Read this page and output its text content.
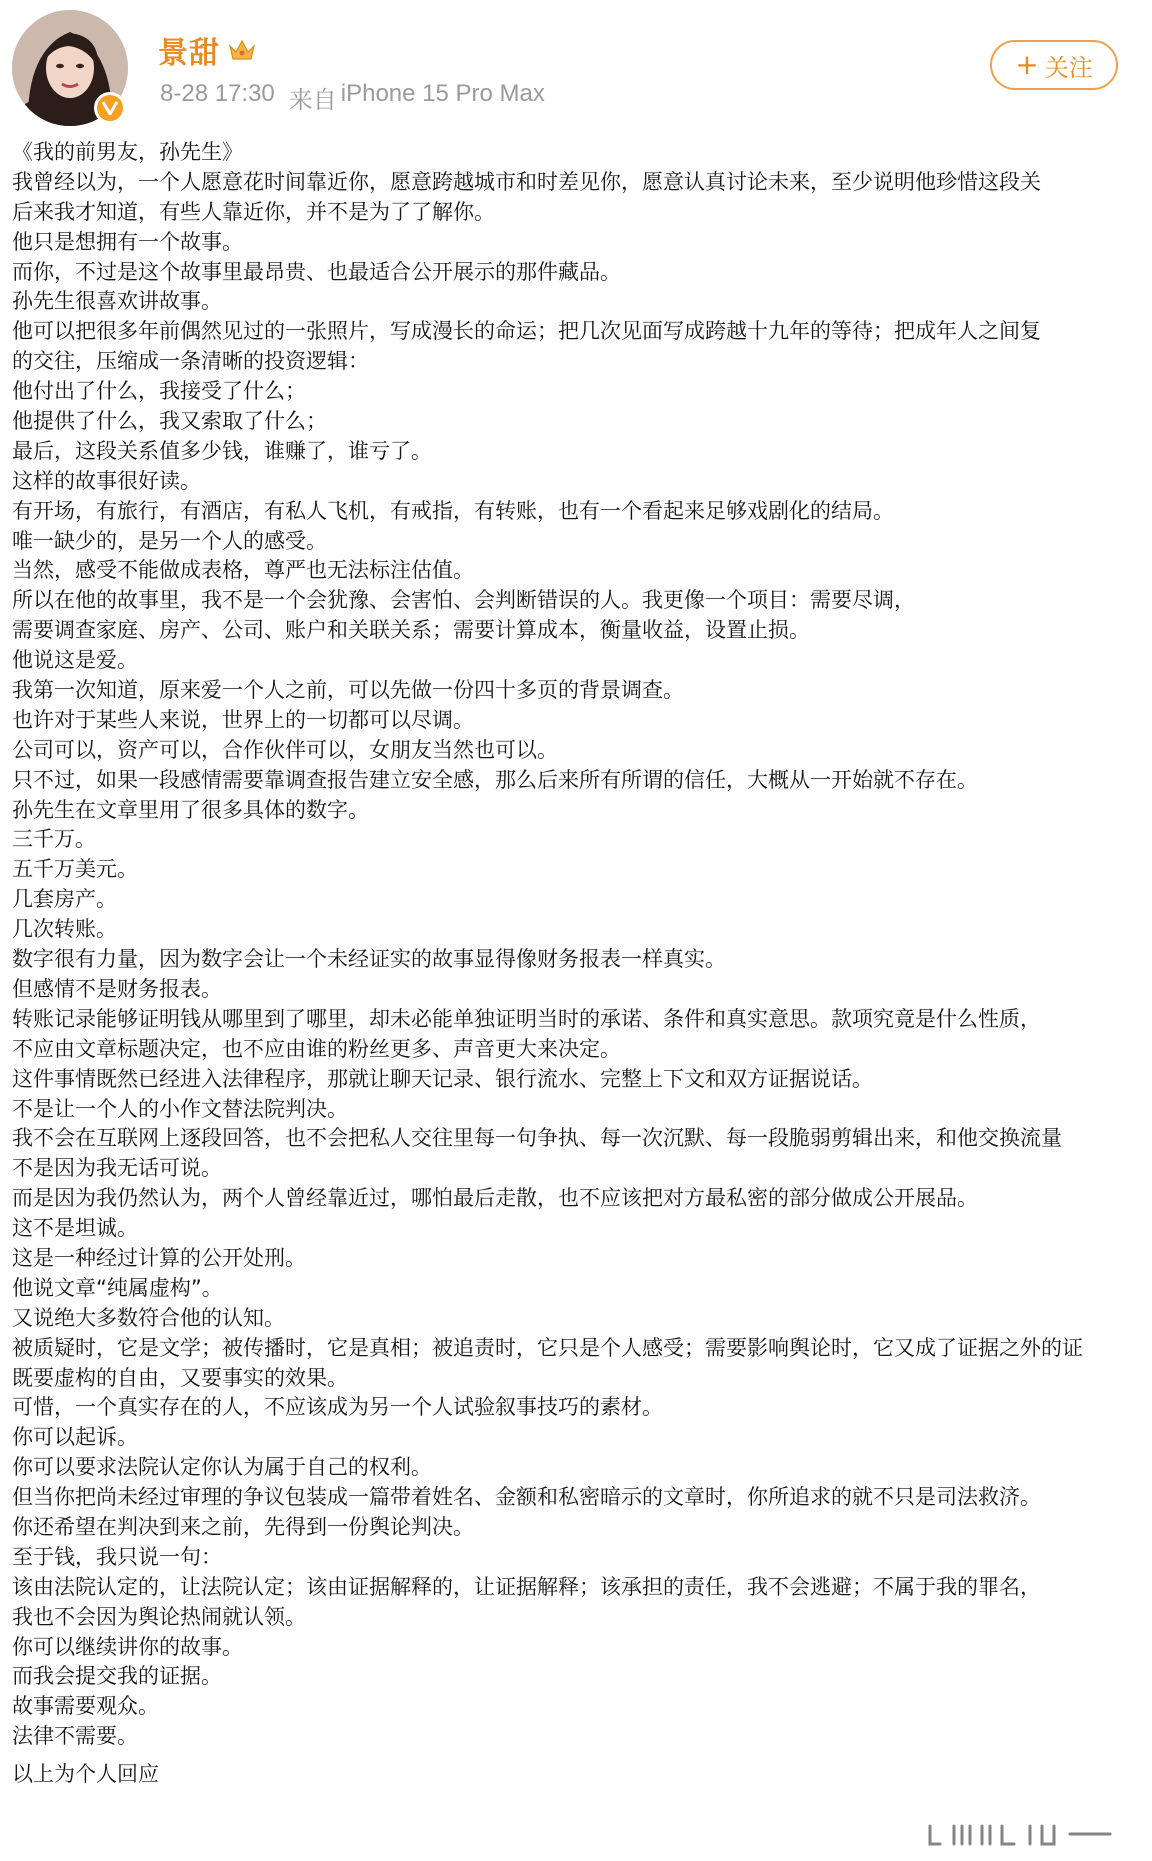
景甜
8-28 17:30 来自 iPhone 15 Pro Max
+ 关注
《我的前男友，孙先生》
我曾经以为，一个人愿意花时间靠近你，愿意跨越城市和时差见你，愿意认真讨论未来，至少说明他珍惜这段关
后来我才知道，有些人靠近你，并不是为了了解你。
他只是想拥有一个故事。
而你，不过是这个故事里最昂贵、也最适合公开展示的那件藏品。
孙先生很喜欢讲故事。
他可以把很多年前偶然见过的一张照片，写成漫长的命运；把几次见面写成跨越十九年的等待；把成年人之间复
的交往，压缩成一条清晰的投资逻辑：
他付出了什么，我接受了什么；
他提供了什么，我又索取了什么；
最后，这段关系值多少钱，谁赚了，谁亏了。
这样的故事很好读。
有开场，有旅行，有酒店，有私人飞机，有戒指，有转账，也有一个看起来足够戏剧化的结局。
唯一缺少的，是另一个人的感受。
当然，感受不能做成表格，尊严也无法标注估值。
所以在他的故事里，我不是一个会犹豫、会害怕、会判断错误的人。我更像一个项目：需要尽调，
需要调查家庭、房产、公司、账户和关联关系；需要计算成本，衡量收益，设置止损。
他说这是爱。
我第一次知道，原来爱一个人之前，可以先做一份四十多页的背景调查。
也许对于某些人来说，世界上的一切都可以尽调。
公司可以，资产可以，合作伙伴可以，女朋友当然也可以。
只不过，如果一段感情需要靠调查报告建立安全感，那么后来所有所谓的信任，大概从一开始就不存在。
孙先生在文章里用了很多具体的数字。
三千万。
五千万美元。
几套房产。
几次转账。
数字很有力量，因为数字会让一个未经证实的故事显得像财务报表一样真实。
但感情不是财务报表。
转账记录能够证明钱从哪里到了哪里，却未必能单独证明当时的承诺、条件和真实意思。款项究竟是什么性质，
不应由文章标题决定，也不应由谁的粉丝更多、声音更大来决定。
这件事情既然已经进入法律程序，那就让聊天记录、银行流水、完整上下文和双方证据说话。
不是让一个人的小作文替法院判决。
我不会在互联网上逐段回答，也不会把私人交往里每一句争执、每一次沉默、每一段脆弱剪辑出来，和他交换流量
不是因为我无话可说。
而是因为我仍然认为，两个人曾经靠近过，哪怕最后走散，也不应该把对方最私密的部分做成公开展品。
这不是坦诚。
这是一种经过计算的公开处刑。
他说文章“纯属虚构”。
又说绝大多数符合他的认知。
被质疑时，它是文学；被传播时，它是真相；被追责时，它只是个人感受；需要影响舆论时，它又成了证据之外的证
既要虚构的自由，又要事实的效果。
可惜，一个真实存在的人，不应该成为另一个人试验叙事技巧的素材。
你可以起诉。
你可以要求法院认定你认为属于自己的权利。
但当你把尚未经过审理的争议包装成一篇带着姓名、金额和私密暗示的文章时，你所追求的就不只是司法救济。
你还希望在判决到来之前，先得到一份舆论判决。
至于钱，我只说一句：
该由法院认定的，让法院认定；该由证据解释的，让证据解释；该承担的责任，我不会逃避；不属于我的罪名，
我也不会因为舆论热闹就认领。
你可以继续讲你的故事。
而我会提交我的证据。
故事需要观众。
法律不需要。
以上为个人回应
